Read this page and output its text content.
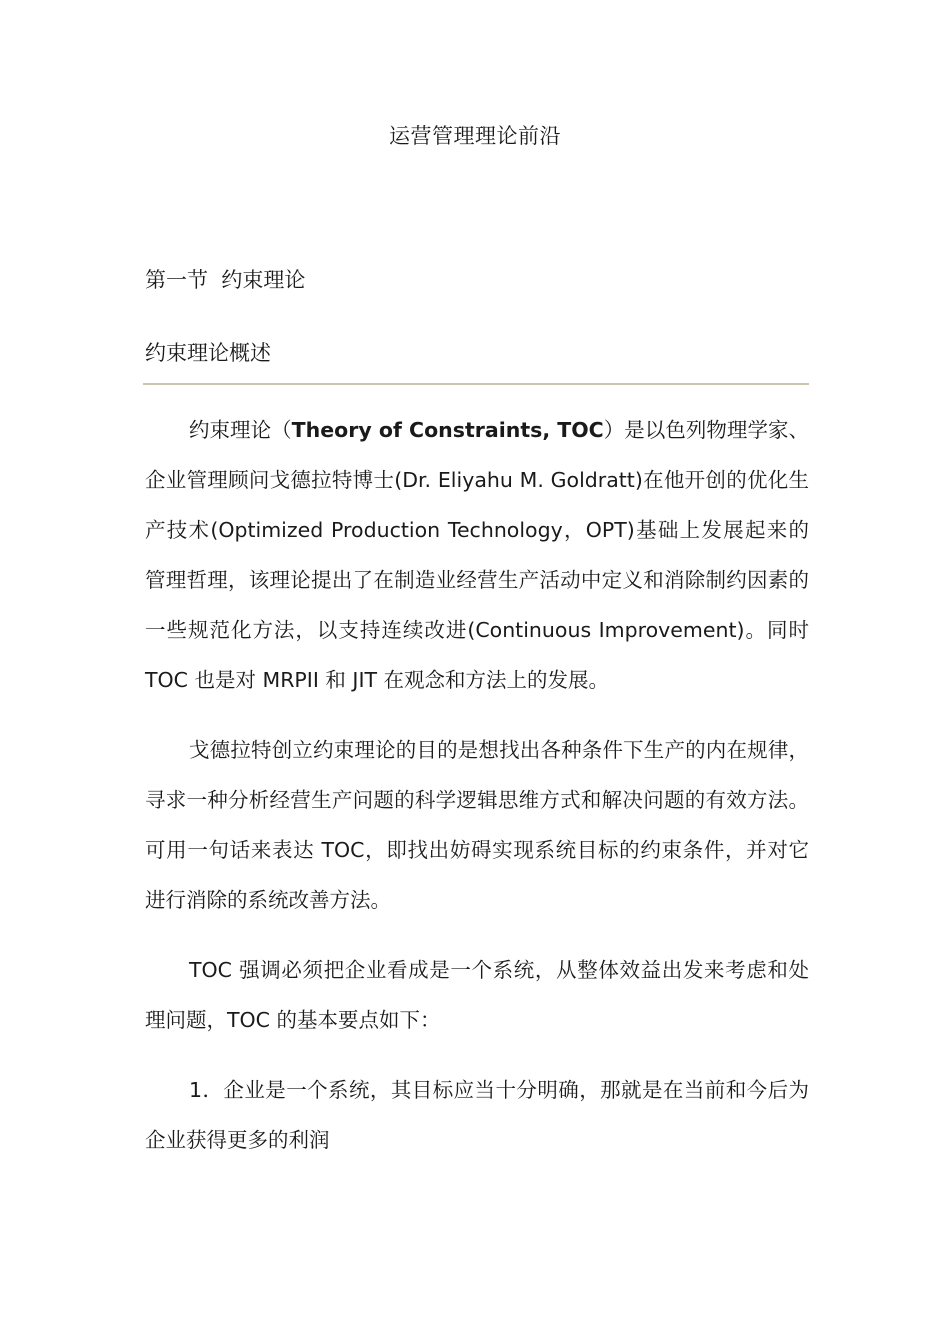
运营管理理论前沿
第一节  约束理论
约束理论概述

约束理论（Theory of Constraints, TOC）是以色列物理学家、企业管理顾问戈德拉特博士(Dr. Eliyahu M. Goldratt)在他开创的优化生产技术(Optimized Production Technology，OPT)基础上发展起来的管理哲理，该理论提出了在制造业经营生产活动中定义和消除制约因素的一些规范化方法，以支持连续改进(Continuous Improvement)。同时 TOC 也是对 MRPII 和 JIT 在观念和方法上的发展。

戈德拉特创立约束理论的目的是想找出各种条件下生产的内在规律，寻求一种分析经营生产问题的科学逻辑思维方式和解决问题的有效方法。可用一句话来表达 TOC，即找出妨碍实现系统目标的约束条件，并对它进行消除的系统改善方法。

TOC 强调必须把企业看成是一个系统，从整体效益出发来考虑和处理问题，TOC 的基本要点如下：

1．企业是一个系统，其目标应当十分明确，那就是在当前和今后为企业获得更多的利润
